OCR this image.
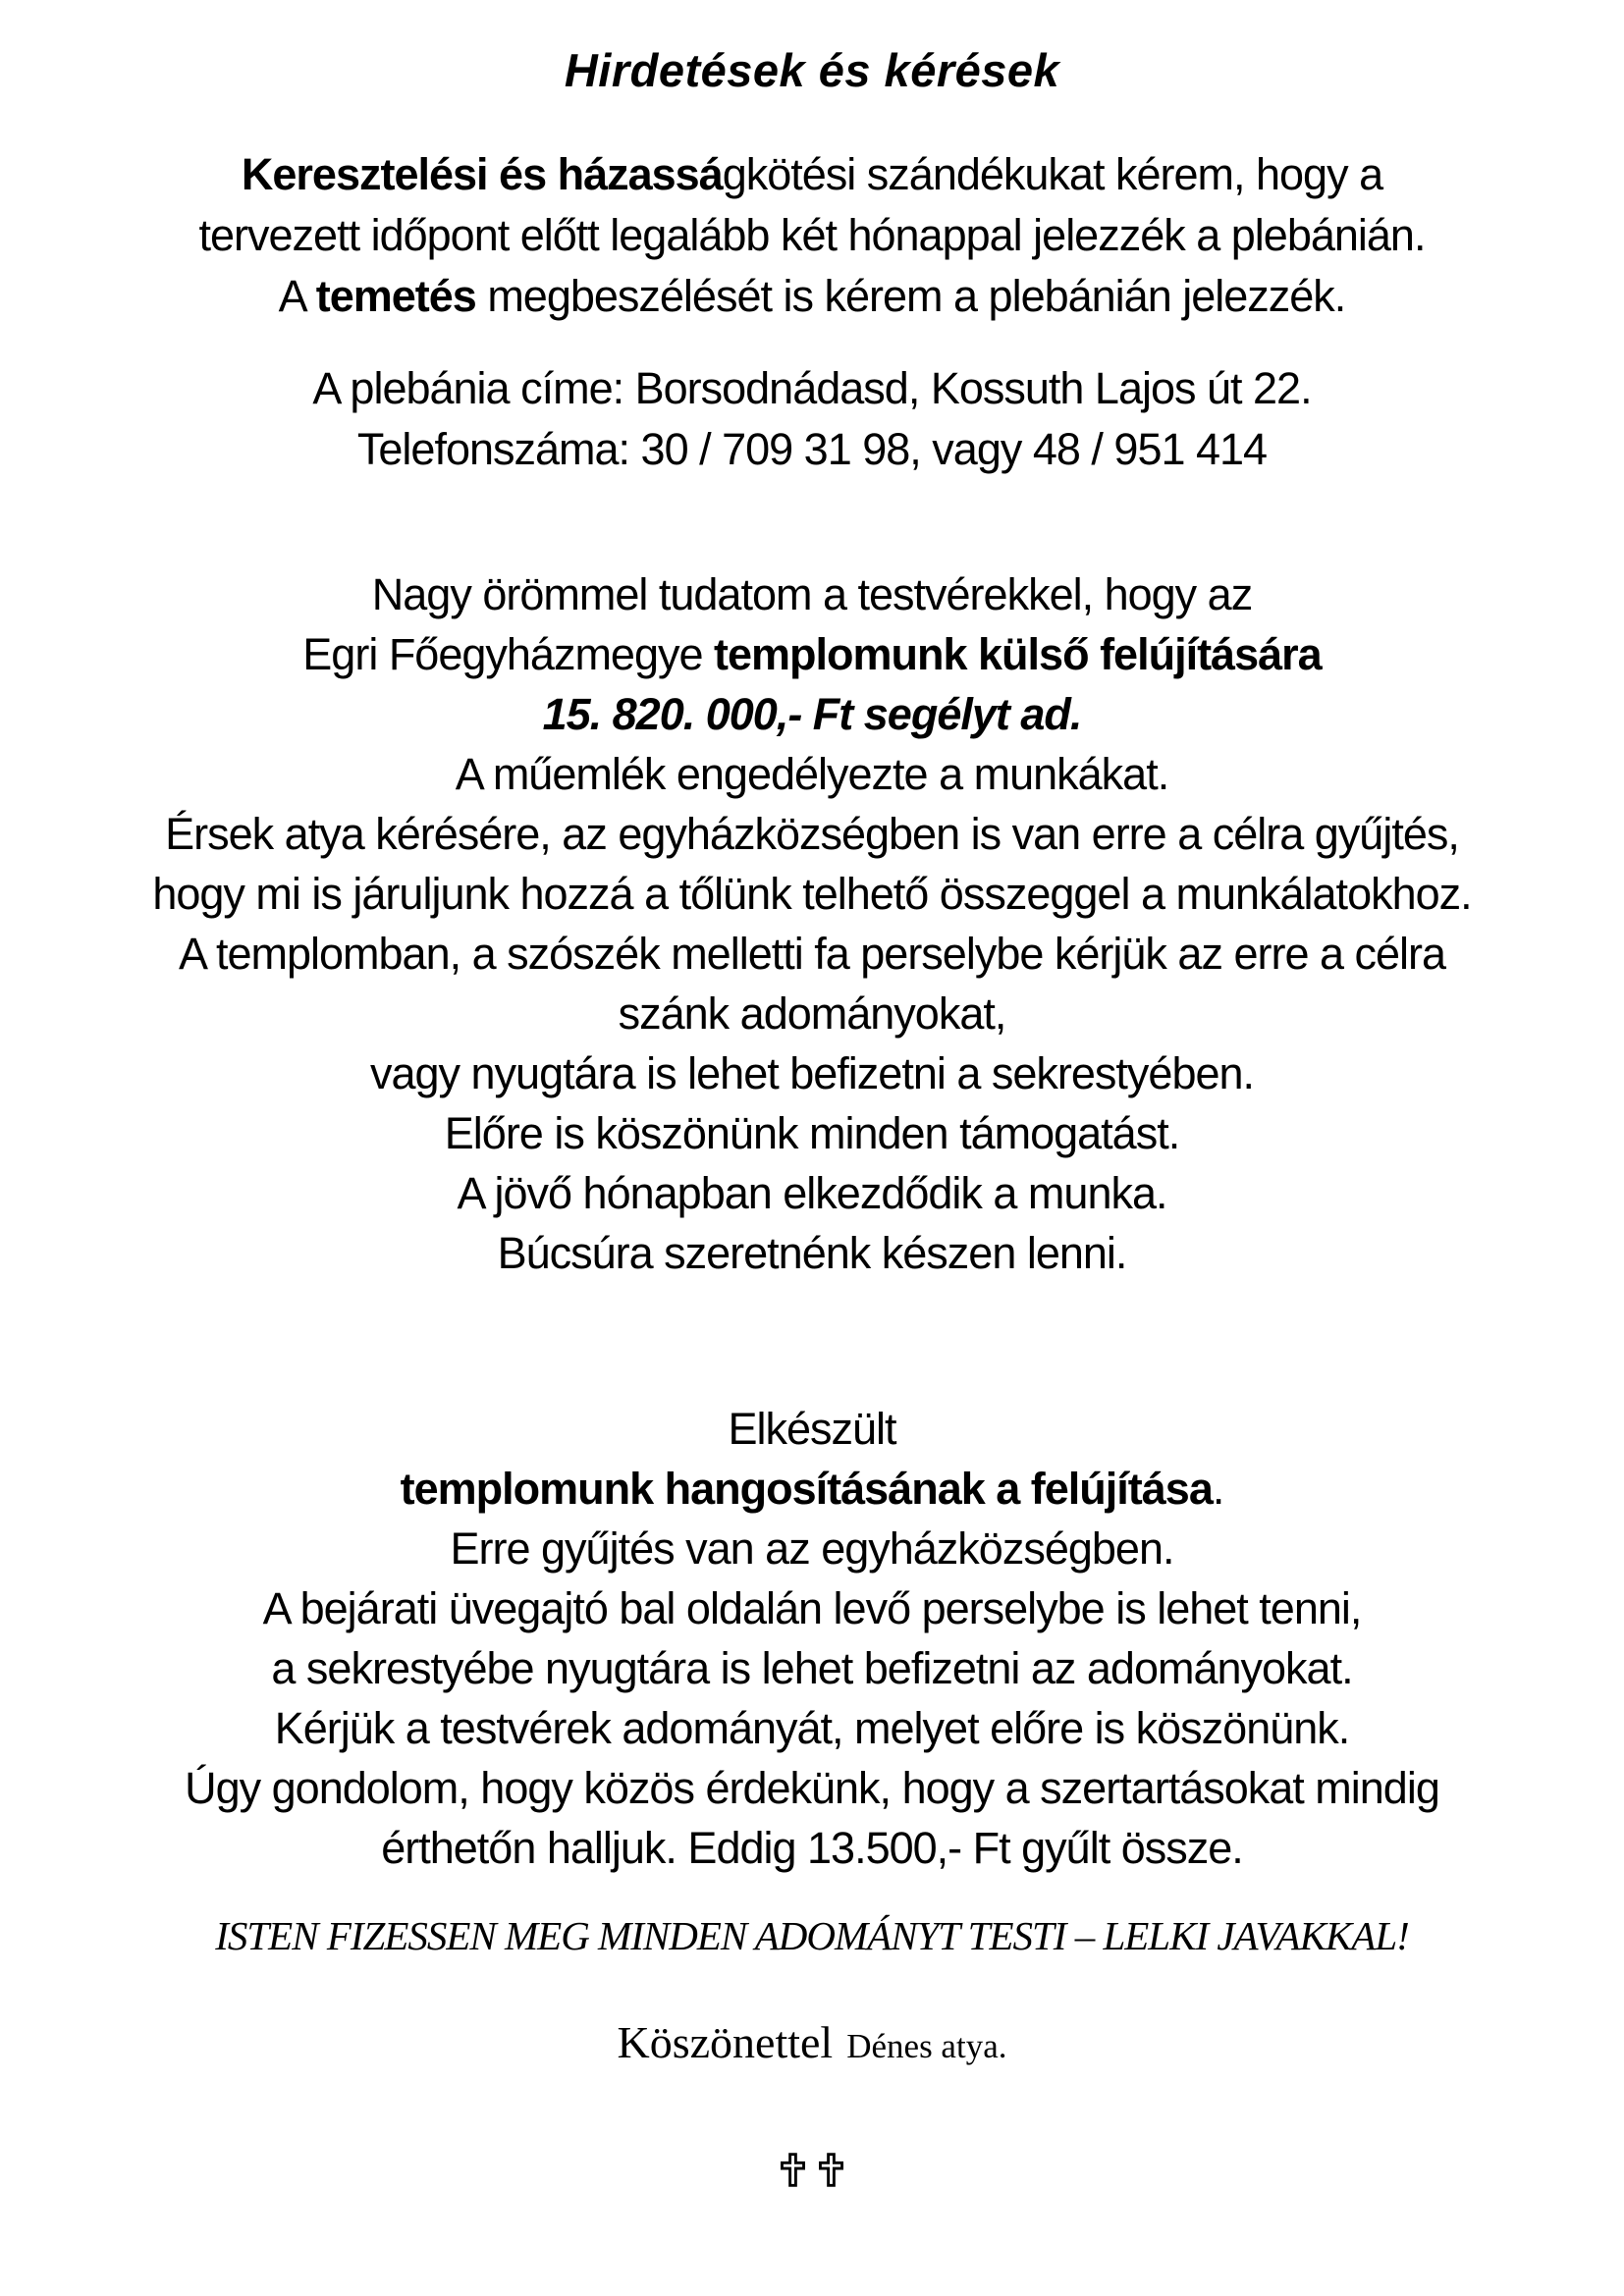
Hirdetések és kérések
Keresztelési és házasságkötési szándékukat kérem, hogy a
tervezett időpont előtt legalább két hónappal jelezzék a plebánián.
A temetés megbeszélését is kérem a plebánián jelezzék.
A plebánia címe: Borsodnádasd, Kossuth Lajos út 22.
Telefonszáma: 30 / 709 31 98, vagy 48 / 951 414
Nagy örömmel tudatom a testvérekkel, hogy az
Egri Főegyházmegye templomunk külső felújítására
15. 820. 000,- Ft segélyt ad.
A műemlék engedélyezte a munkákat.
Érsek atya kérésére, az egyházközségben is van erre a célra gyűjtés,
hogy mi is járuljunk hozzá a tőlünk telhető összeggel a munkálatokhoz.
A templomban, a szószék melletti fa perselybe kérjük az erre a célra
szánk adományokat,
vagy nyugtára is lehet befizetni a sekrestyében.
Előre is köszönünk minden támogatást.
A jövő hónapban elkezdődik a munka.
Búcsúra szeretnénk készen lenni.
Elkészült
templomunk hangosításának a felújítása.
Erre gyűjtés van az egyházközségben.
A bejárati üvegajtó bal oldalán levő perselybe is lehet tenni,
a sekrestyébe nyugtára is lehet befizetni az adományokat.
Kérjük a testvérek adományát, melyet előre is köszönünk.
Úgy gondolom, hogy közös érdekünk, hogy a szertartásokat mindig
érthetőn halljuk. Eddig 13.500,- Ft gyűlt össze.
ISTEN FIZESSEN MEG MINDEN ADOMÁNYT TESTI – LELKI JAVAKKAL!
Köszönettel Dénes atya.
